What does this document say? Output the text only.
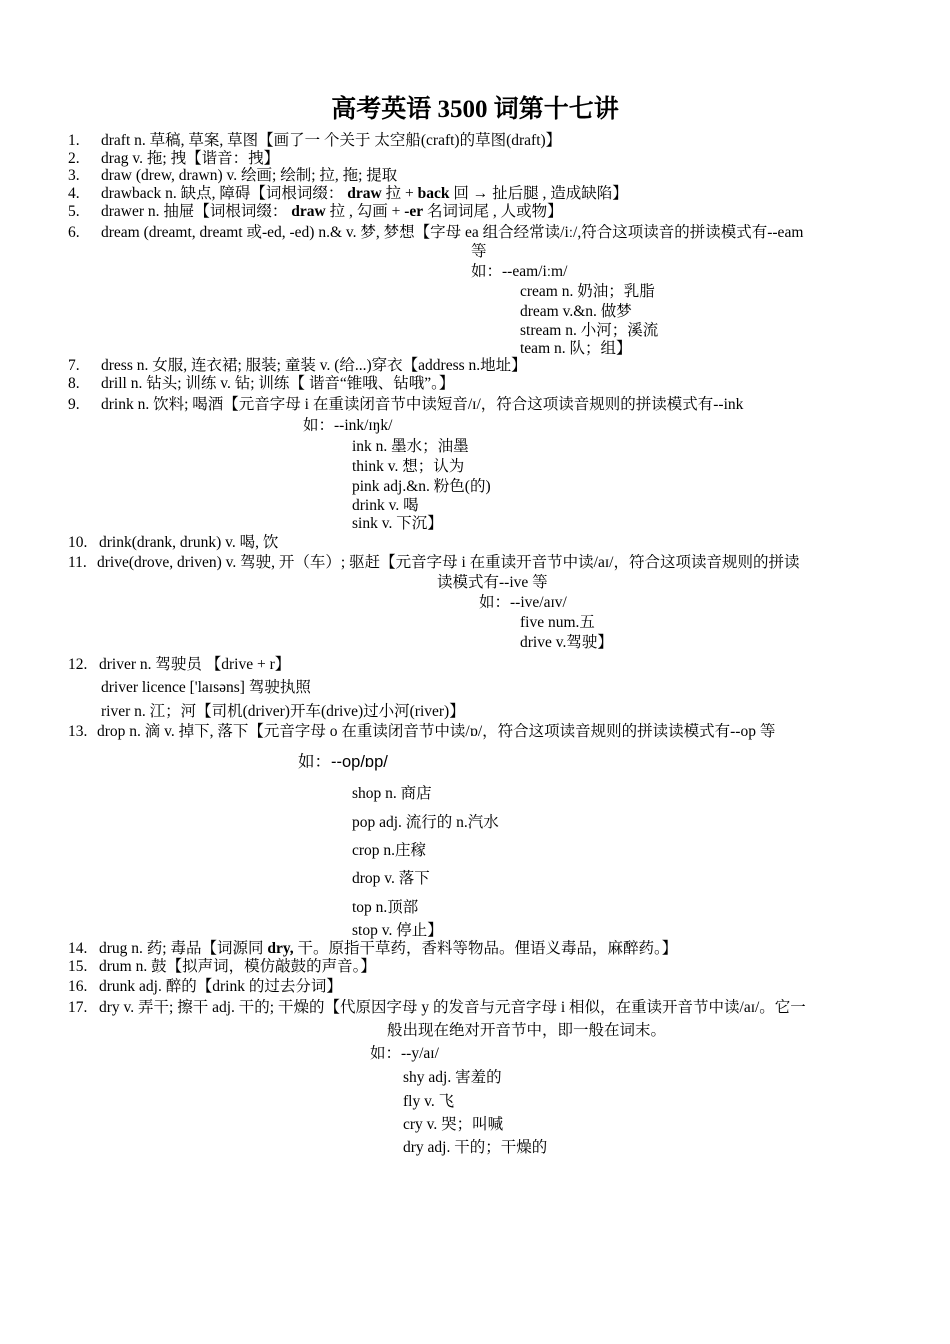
高考英语 3500 词第十七讲
1. draft n. 草稿, 草案, 草图【画了一 个关于 太空船(craft)的草图(draft)】
2. drag v. 拖; 拽【谐音：拽】
3. draw (drew, drawn) v. 绘画; 绘制; 拉, 拖; 提取
4. drawback n. 缺点, 障碍【词根词缀： draw 拉 + back 回 → 扯后腿 , 造成缺陷】
5. drawer n. 抽屉【词根词缀： draw 拉 , 勾画 + -er 名词词尾 , 人或物】
6. dream (dreamt, dreamt 或-ed, -ed) n.& v. 梦, 梦想【字母 ea 组合经常读/iː/,符合这项读音的拼读模式有--eam
等
如：--eam/iːm/
cream n. 奶油；乳脂
dream v.&n. 做梦
stream n. 小河；溪流
team n. 队；组】
7. dress n. 女服, 连衣裙; 服装; 童装 v. (给...)穿衣【address n.地址】
8. drill n. 钻头; 训练 v. 钻; 训练【 谐音“锥哦、钻哦”。】
9. drink n. 饮料; 喝酒【元音字母 i 在重读闭音节中读短音/ɪ/，符合这项读音规则的拼读模式有--ink
如：--ink/ɪŋk/
ink n. 墨水；油墨
think v. 想；认为
pink adj.&n. 粉色(的)
drink v. 喝
sink v. 下沉】
10. drink(drank, drunk) v. 喝, 饮
11. drive(drove, driven) v. 驾驶, 开（车）; 驱赶【元音字母 i 在重读开音节中读/aɪ/，符合这项读音规则的拼读
读模式有--ive 等
如：--ive/aɪv/
five num.五
drive v.驾驶】
12. driver n. 驾驶员 【drive + r】
driver licence ['laɪsəns] 驾驶执照
river n. 江；河【司机(driver)开车(drive)过小河(river)】
13. drop n. 滴 v. 掉下, 落下【元音字母 o 在重读闭音节中读/ɒ/，符合这项读音规则的拼读读模式有--op 等
如：--op/ɒp/
shop n. 商店
pop adj. 流行的 n.汽水
crop n.庄稼
drop v. 落下
top n.顶部
stop v. 停止】
14. drug n. 药; 毒品【词源同 dry, 干。原指干草药，香料等物品。俚语义毒品，麻醉药。】
15. drum n. 鼓【拟声词，模仿敲鼓的声音。】
16. drunk adj. 醉的【drink 的过去分词】
17. dry v. 弄干; 擦干 adj. 干的; 干燥的【代原因字母 y 的发音与元音字母 i 相似，在重读开音节中读/aɪ/。它一
般出现在绝对开音节中，即一般在词末。
如：--y/aɪ/
shy adj. 害羞的
fly v. 飞
cry v. 哭；叫喊
dry adj. 干的；干燥的
